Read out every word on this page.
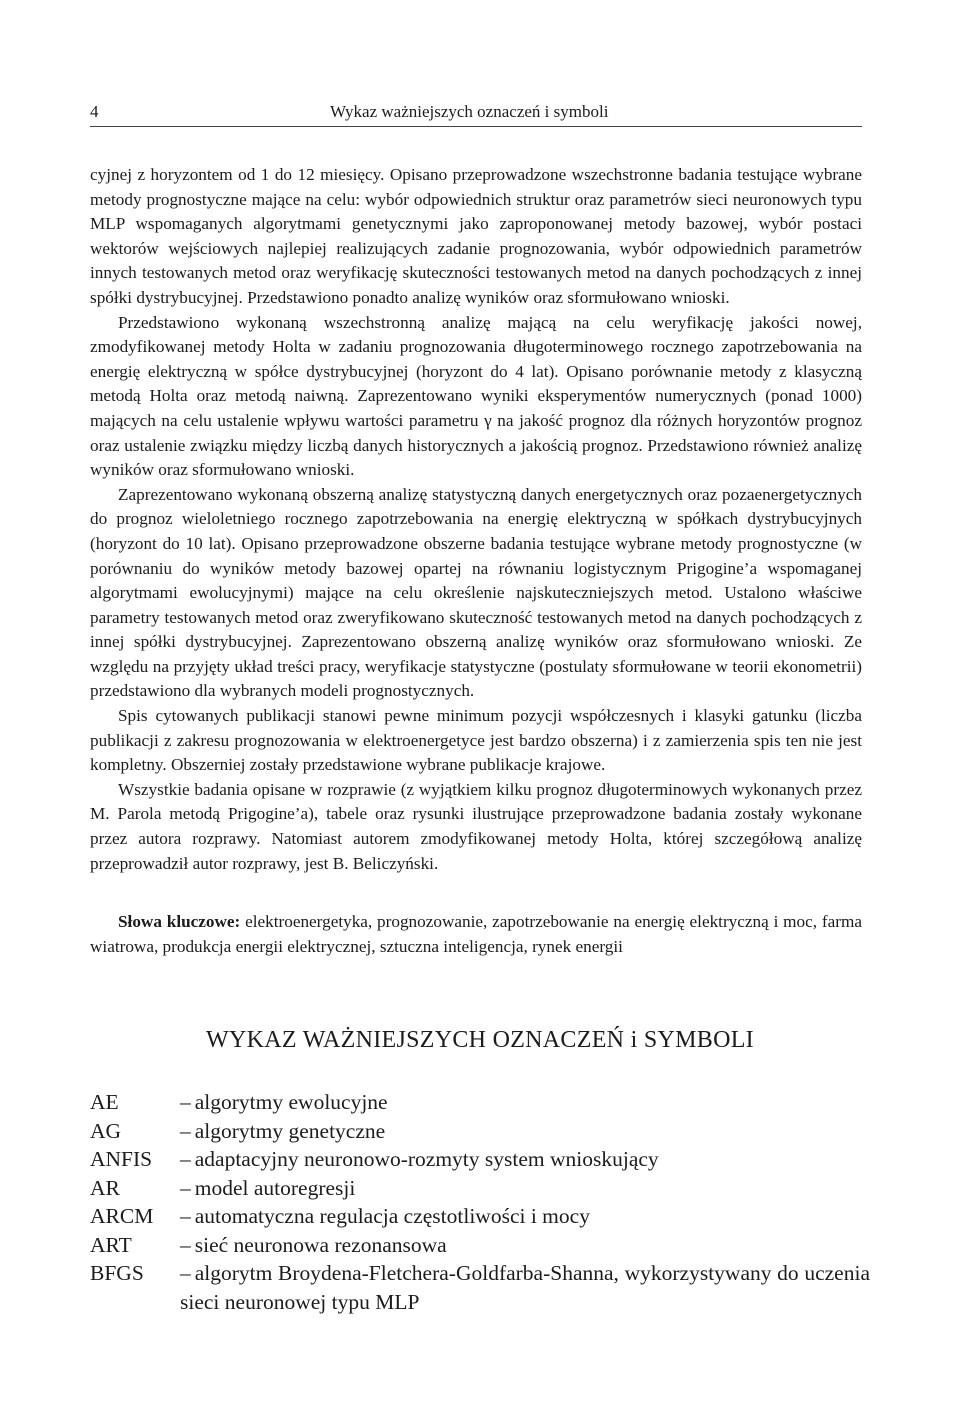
4	Wykaz ważniejszych oznaczeń i symboli

cyjnej z horyzontem od 1 do 12 miesięcy. Opisano przeprowadzone wszechstronne badania testujące wybrane metody prognostyczne mające na celu: wybór odpowiednich struktur oraz parametrów sieci neuronowych typu MLP wspomaganych algorytmami genetycznymi jako zaproponowanej metody bazowej, wybór postaci wektorów wejściowych najlepiej realizujących zadanie prognozowania, wybór odpowiednich parametrów innych testowanych metod oraz weryfikację skuteczności testowanych metod na danych pochodzących z innej spółki dystrybucyjnej. Przedstawiono ponadto analizę wyników oraz sformułowano wnioski.

Przedstawiono wykonaną wszechstronną analizę mającą na celu weryfikację jakości nowej, zmodyfikowanej metody Holta w zadaniu prognozowania długoterminowego rocznego zapotrzebowania na energię elektryczną w spółce dystrybucyjnej (horyzont do 4 lat). Opisano porównanie metody z klasyczną metodą Holta oraz metodą naiwną. Zaprezentowano wyniki eksperymentów numerycznych (ponad 1000) mających na celu ustalenie wpływu wartości parametru γ na jakość prognoz dla różnych horyzontów prognoz oraz ustalenie związku między liczbą danych historycznych a jakością prognoz. Przedstawiono również analizę wyników oraz sformułowano wnioski.

Zaprezentowano wykonaną obszerną analizę statystyczną danych energetycznych oraz pozaenergetycznych do prognoz wieloletniego rocznego zapotrzebowania na energię elektryczną w spółkach dystrybucyjnych (horyzont do 10 lat). Opisano przeprowadzone obszerne badania testujące wybrane metody prognostyczne (w porównaniu do wyników metody bazowej opartej na równaniu logistycznym Prigogine’a wspomaganej algorytmami ewolucyjnymi) mające na celu określenie najskuteczniejszych metod. Ustalono właściwe parametry testowanych metod oraz zweryfikowano skuteczność testowanych metod na danych pochodzących z innej spółki dystrybucyjnej. Zaprezentowano obszerną analizę wyników oraz sformułowano wnioski. Ze względu na przyjęty układ treści pracy, weryfikacje statystyczne (postulaty sformułowane w teorii ekonometrii) przedstawiono dla wybranych modeli prognostycznych.

Spis cytowanych publikacji stanowi pewne minimum pozycji współczesnych i klasyki gatunku (liczba publikacji z zakresu prognozowania w elektroenergetyce jest bardzo obszerna) i z zamierzenia spis ten nie jest kompletny. Obszerniej zostały przedstawione wybrane publikacje krajowe.

Wszystkie badania opisane w rozprawie (z wyjątkiem kilku prognoz długoterminowych wykonanych przez M. Parola metodą Prigogine’a), tabele oraz rysunki ilustrujące przeprowadzone badania zostały wykonane przez autora rozprawy. Natomiast autorem zmodyfikowanej metody Holta, której szczegółową analizę przeprowadził autor rozprawy, jest B. Beliczyński.

Słowa kluczowe: elektroenergetyka, prognozowanie, zapotrzebowanie na energię elektryczną i moc, farma wiatrowa, produkcja energii elektrycznej, sztuczna inteligencja, rynek energii
WYKAZ WAŻNIEJSZYCH OZNACZEŃ i SYMBOLI
AE	– algorytmy ewolucyjne
AG	– algorytmy genetyczne
ANFIS	– adaptacyjny neuronowo-rozmyty system wnioskujący
AR	– model autoregresji
ARCM	– automatyczna regulacja częstotliwości i mocy
ART	– sieć neuronowa rezonansowa
BFGS	– algorytm Broydena-Fletchera-Goldfarba-Shanna, wykorzystywany do uczenia sieci neuronowej typu MLP
